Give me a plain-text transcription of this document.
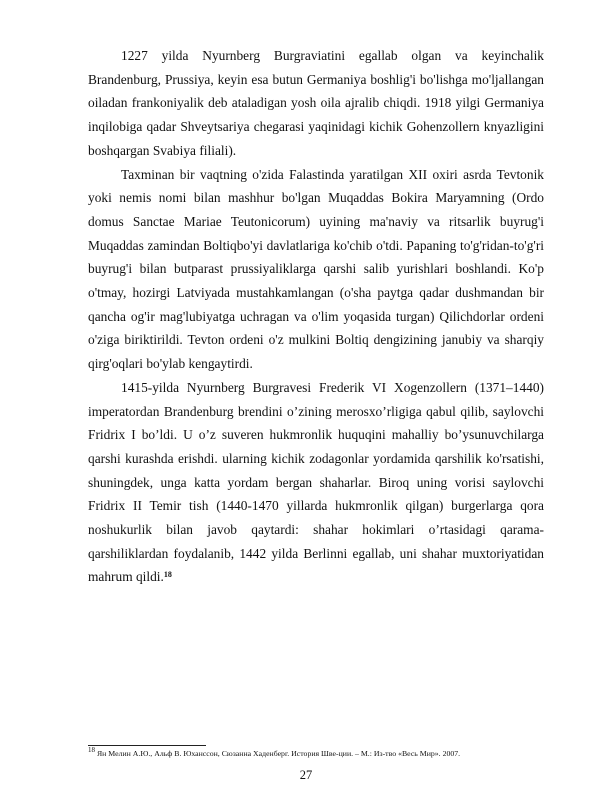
1227 yilda Nyurnberg Burgraviatini egallab olgan va keyinchalik Brandenburg, Prussiya, keyin esa butun Germaniya boshlig'i bo'lishga mo'ljallangan oiladan frankoniyalik deb ataladigan yosh oila ajralib chiqdi. 1918 yilgi Germaniya inqilobiga qadar Shveytsariya chegarasi yaqinidagi kichik Gohenzollern knyazligini boshqargan Svabiya filiali).

Taxminan bir vaqtning o'zida Falastinda yaratilgan XII oxiri asrda Tevtonik yoki nemis nomi bilan mashhur bo'lgan Muqaddas Bokira Maryamning (Ordo domus Sanctae Mariae Teutonicorum) uyining ma'naviy va ritsarlik buyrug'i Muqaddas zamindan Boltiqbo'yi davlatlariga ko'chib o'tdi. Papaning to'g'ridan-to'g'ri buyrug'i bilan butparast prussiyaliklarga qarshi salib yurishlari boshlandi. Ko'p o'tmay, hozirgi Latviyada mustahkamlangan (o'sha paytga qadar dushmandan bir qancha og'ir mag'lubiyatga uchragan va o'lim yoqasida turgan) Qilichdorlar ordeni o'ziga biriktirildi. Tevton ordeni o'z mulkini Boltiq dengizining janubiy va sharqiy qirg'oqlari bo'ylab kengaytirdi.

1415-yilda Nyurnberg Burgravesi Frederik VI Xogenzollern (1371–1440) imperatordan Brandenburg brendini o’zining merosxo’rligiga qabul qilib, saylovchi Fridrix I bo’ldi. U o’z suveren hukmronlik huquqini mahalliy bo’ysunuvchilarga qarshi kurashda erishdi. ularning kichik zodagonlar yordamida qarshilik ko'rsatishi, shuningdek, unga katta yordam bergan shaharlar. Biroq uning vorisi saylovchi Fridrix II Temir tish (1440-1470 yillarda hukmronlik qilgan) burgerlarga qora noshukurlik bilan javob qaytardi: shahar hokimlari o’rtasidagi qarama-qarshiliklardan foydalanib, 1442 yilda Berlinni egallab, uni shahar muxtoriyatidan mahrum qildi.$^{18}$

$^{18}$ Ян Мелин А.Ю., Альф В. Юханссон, Сюзанна Хаденберг. История Шве-ции. – М.: Из-тво «Весь Мир». 2007.
27
